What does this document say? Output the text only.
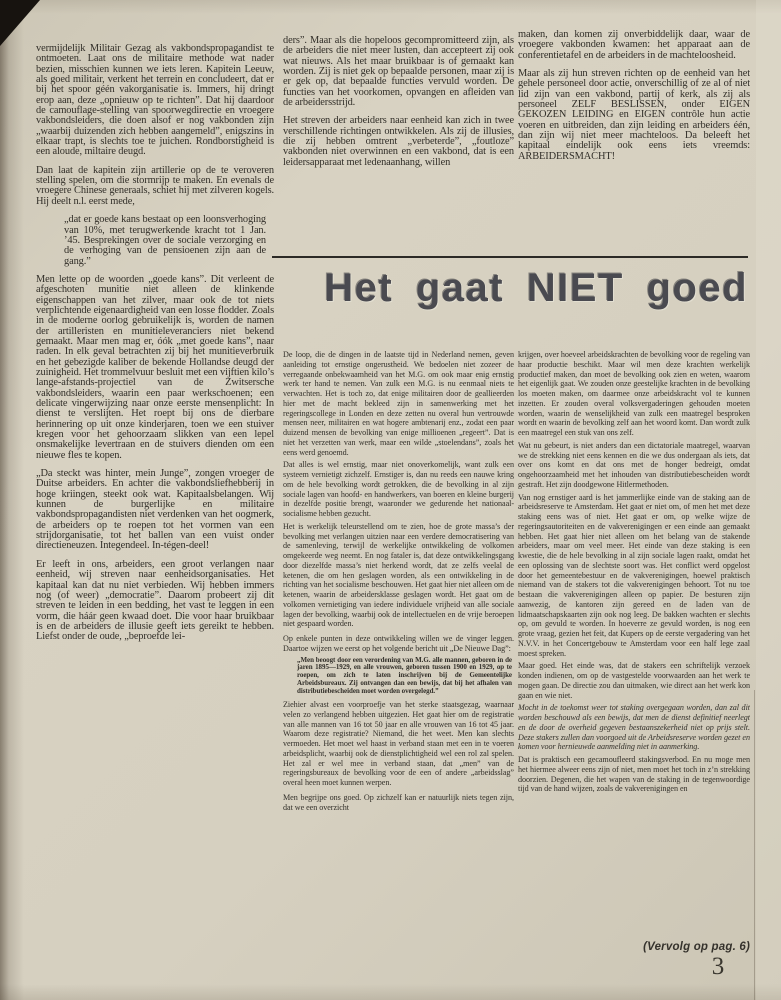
vermijdelijk Militair Gezag als vakbondspropagandist te ontmoeten. Laat ons de militaire methode wat nader bezien, misschien kunnen we iets leren. Kapitein Leeuw, als goed militair, verkent het terrein en concludeert, dat er bij het spoor géén vakorganisatie is. Immers, hij dringt erop aan, deze „opnieuw op te richten”. Dat hij daardoor de camouflage-stelling van spoorwegdirectie en vroegere vakbondsleiders, die doen alsof er nog vakbonden zijn „waarbij duizenden zich hebben aangemeld”, enigszins in elkaar trapt, is slechts toe te juichen. Rondborstigheid is een aloude, miltaire deugd.

Dan laat de kapitein zijn artillerie op de te veroveren stelling spelen, om die stormrijp te maken. En evenals de vroegere Chinese generaals, schiet hij met zilveren kogels. Hij deelt n.l. eerst mede,

„dat er goede kans bestaat op een loonsverhoging van 10%, met terugwerkende kracht tot 1 Jan. ’45. Besprekingen over de sociale verzorging en de verhoging van de pensioenen zijn aan de gang.”

Men lette op de woorden „goede kans”. Dit verleent de afgeschoten munitie niet alleen de klinkende eigenschappen van het zilver, maar ook de tot niets verplichtende eigenaardigheid van een losse flodder. Zoals in de moderne oorlog gebruikelijk is, worden de namen der artilleristen en munitieleveranciers niet bekend gemaakt. Maar men mag er, óók „met goede kans”, naar raden. In elk geval betrachten zij bij het munitieverbruik en het gebezigde kaliber de bekende Hollandse deugd der zuinigheid. Het trommelvuur besluit met een vijftien kilo’s lange-afstands-projectiel van de Zwitsersche vakbondsleiders, waarin een paar werkschoenen; een delicate vingerwijzing naar onze eerste mensenplicht: In dienst te verslijten. Het roept bij ons de dierbare herinnering op uit onze kinderjaren, toen we een stuiver kregen voor het gehoorzaam slikken van een lepel onsmakelijke levertraan en de stuivers dienden om een nieuwe fles te kopen.

„Da steckt was hinter, mein Junge”, zongen vroeger de Duitse arbeiders. En achter die vakbondsliefhebberij in hoge kriingen, steekt ook wat. Kapitaalsbelangen. Wij kunnen de burgerlijke en militaire vakbondspropagandisten niet verdenken van het oogmerk, de arbeiders op te roepen tot het vormen van een strijdorganisatie, tot het ballen van een vuist onder directieneuzen. Integendeel. In-tégen-deel!

Er leeft in ons, arbeiders, een groot verlangen naar eenheid, wij streven naar eenheidsorganisaties. Het kapitaal kan dat nu niet verbieden. Wij hebben immers nog (of weer) „democratie”. Daarom probeert zij dit streven te leiden in een bedding, het vast te leggen in een vorm, die háár geen kwaad doet. Die voor haar bruikbaar is en de arbeiders de illusie geeft iets gereikt te hebben. Liefst onder de oude, „beproefde lei-

ders”. Maar als die hopeloos gecompromitteerd zijn, als de arbeiders die niet meer lusten, dan accepteert zij ook wat nieuws. Als het maar bruikbaar is of gemaakt kan worden. Zij is niet gek op bepaalde personen, maar zij is er gek op, dat bepaalde functies vervuld worden. De functies van het voorkomen, opvangen en afleiden van de arbeidersstrijd.

Het streven der arbeiders naar eenheid kan zich in twee verschillende richtingen ontwikkelen. Als zij de illusies, die zij hebben omtrent „verbeterde”, „foutloze” vakbonden niet overwinnen en een vakbond, dat is een leidersapparaat met ledenaanhang, willen

maken, dan komen zij onverbiddelijk daar, waar de vroegere vakbonden kwamen: het apparaat aan de conferentietafel en de arbeiders in de machteloosheid.

Maar als zij hun streven richten op de eenheid van het gehele personeel door actie, onverschillig of ze al of niet lid zijn van een vakbond, partij of kerk, als zij als personeel ZELF BESLISSEN, onder EIGEN GEKOZEN LEIDING en EIGEN contrôle hun actie voeren en uitbreiden, dan zijn leiding en arbeiders één, dan zijn wij niet meer machteloos. Da beleeft het kapitaal eindelijk ook eens iets vreemds: ARBEIDERSMACHT!

Het gaat NIET goed

De loop, die de dingen in de laatste tijd in Nederland nemen, geven aanleiding tot ernstige ongerustheid. We bedoelen niet zozeer de verregaande onbekwaamheid van het M.G. om ook maar enig ernstig werk ter hand te nemen. Van zulk een M.G. is nu eenmaal niets te verwachten. Het is toch zo, dat enige militairen door de geallieerden hier met de macht bekleed zijn in samenwerking met het regeringscollege in Londen en deze zetten nu overal hun vertrouwde mensen neer, militairen en wat hogere ambtenarij enz., zodat een paar duizend mensen de bevolking van enige millioenen „regeert”. Dat is niet het verzetten van werk, maar een wilde „stoelendans”, zoals het eens werd genoemd.

Dat alles is wel ernstig, maar niet onoverkomelijk, want zulk een systeem vernietigt zichzelf. Ernstiger is, dan nu reeds een nauwe kring om de hele bevolking wordt getrokken, die de bevolking in al zijn sociale lagen van hoofd- en handwerkers, van boeren en kleine burgerij in dezelfde positie brengt, waaronder we gedurende het nationaal-socialisme hebben gezucht.

Het is werkelijk teleurstellend om te zien, hoe de grote massa’s der bevolking met verlangen uitzien naar een verdere democratisering van de samenleving, terwijl de werkelijke ontwikkeling de volkomen omgekeerde weg neemt. En nog fataler is, dat deze ontwikkelingsgang door diezelfde massa’s niet herkend wordt, dat ze zelfs veelal de ketenen, die om hen geslagen worden, als een ontwikkeling in de richting van het socialisme beschouwen. Het gaat hier niet alleen om de ketenen, waarin de arbeidersklasse geslagen wordt. Het gaat om de volkomen vernietiging van iedere individuele vrijheid van alle sociale lagen der bevolking, waarbij ook de intellectuelen en de vrije beroepen niet gespaard worden.

Op enkele punten in deze ontwikkeling willen we de vinger leggen. Daartoe wijzen we eerst op het volgende bericht uit „De Nieuwe Dag”:

„Men beoogt door een verordening van M.G. alle mannen, geboren in de jaren 1895—1929, en alle vrouwen, geboren tussen 1900 en 1929, op te roepen, om zich te laten inschrijven bij de Gemeentelijke Arbeidsbureaux. Zij ontvangen dan een bewijs, dat bij het afhalen van distributiebescheiden moet worden overgelegd.”

Ziehier alvast een voorproefje van het sterke staatsgezag, waarnaar velen zo verlangend hebben uitgezien. Het gaat hier om de registratie van alle mannen van 16 tot 50 jaar en alle vrouwen van 16 tot 45 jaar. Waarom deze registratie? Niemand, die het weet. Men kan slechts vermoeden. Het moet wel haast in verband staan met een in te voeren arbeidsplicht, waarbij ook de dienstplichtigheid wel een rol zal spelen. Het zal er wel mee in verband staan, dat „men” van de regeringsbureaux de bevolking voor de een of andere „arbeidsslag” overal heen moet kunnen werpen.

Men begrijpe ons goed. Op zichzelf kan er natuurlijk niets tegen zijn, dat we een overzicht

krijgen, over hoeveel arbeidskrachten de bevolking voor de regeling van haar productie beschikt. Maar wil men deze krachten werkelijk productief maken, dan moet de bevolking ook zien en weten, waarom het eigenlijk gaat. We zouden onze geestelijke krachten in de bevolking los moeten maken, om daarmee onze arbeidskracht vol te kunnen inzetten. Er zouden overal volksvergaderingen gehouden moeten worden, waarin de wenselijkheid van zulk een maatregel besproken wordt en waarin de bevolking zelf aan het woord komt. Dan wordt zulk een maatregel een stuk van ons zelf.

Wat nu gebeurt, is niet anders dan een dictatoriale maatregel, waarvan we de strekking niet eens kennen en die we dus ondergaan als iets, dat over ons komt en dat ons met de honger bedreigt, omdat ongehoorzaamheid met het inhouden van distributiebescheiden wordt gestraft. Het zijn doodgewone Hitlermethoden.

Van nog ernstiger aard is het jammerlijke einde van de staking aan de arbeidsreserve te Amsterdam. Het gaat er niet om, of men het met deze staking eens was of niet. Het gaat er om, op welke wijze de regeringsautoriteiten en de vakverenigingen er een einde aan gemaakt hebben. Het gaat hier niet alleen om het belang van de stakende arbeiders, maar om veel meer. Het einde van deze staking is een kwestie, die de hele bevolking in al zijn sociale lagen raakt, omdat het een oplossing van de slechtste soort was. Het conflict werd opgelost door het gemeentebestuur en de vakverenigingen, hoewel praktisch niemand van de stakers tot die vakverenigingen behoort. Tot nu toe bestaan die vakverenigingen alleen op papier. De besturen zijn aanwezig, de kantoren zijn gereed en de laden van de lidmaatschapskaarten zijn ook nog leeg. De bakken wachten er slechts op, om gevuld te worden. In hoeverre ze gevuld worden, is nog een grote vraag, gezien het feit, dat Kupers op de eerste vergadering van het N.V.V. in het Concertgebouw te Amsterdam voor een half lege zaal moest spreken.

Maar goed. Het einde was, dat de stakers een schriftelijk verzoek konden indienen, om op de vastgestelde voorwaarden aan het werk te mogen gaan. De directie zou dan uitmaken, wie direct aan het werk kon gaan en wie niet.

Mocht in de toekomst weer tot staking overgegaan worden, dan zal dit worden beschouwd als een bewijs, dat men de dienst definitief neerlegt en de door de overheid gegeven bestaanszekerheid niet op prijs stelt. Deze stakers zullen dan voorgoed uit de Arbeidsreserve worden gezet en komen voor hernieuwde aanmelding niet in aanmerking.

Dat is praktisch een gecamoufleerd stakingsverbod. En nu moge men het hiermee alweer eens zijn of niet, men moet het toch in z’n strekking doorzien. Degenen, die het wapen van de staking in de tegenwoordige tijd van de hand wijzen, zoals de vakverenigingen en

(Vervolg op pag. 6)
3
